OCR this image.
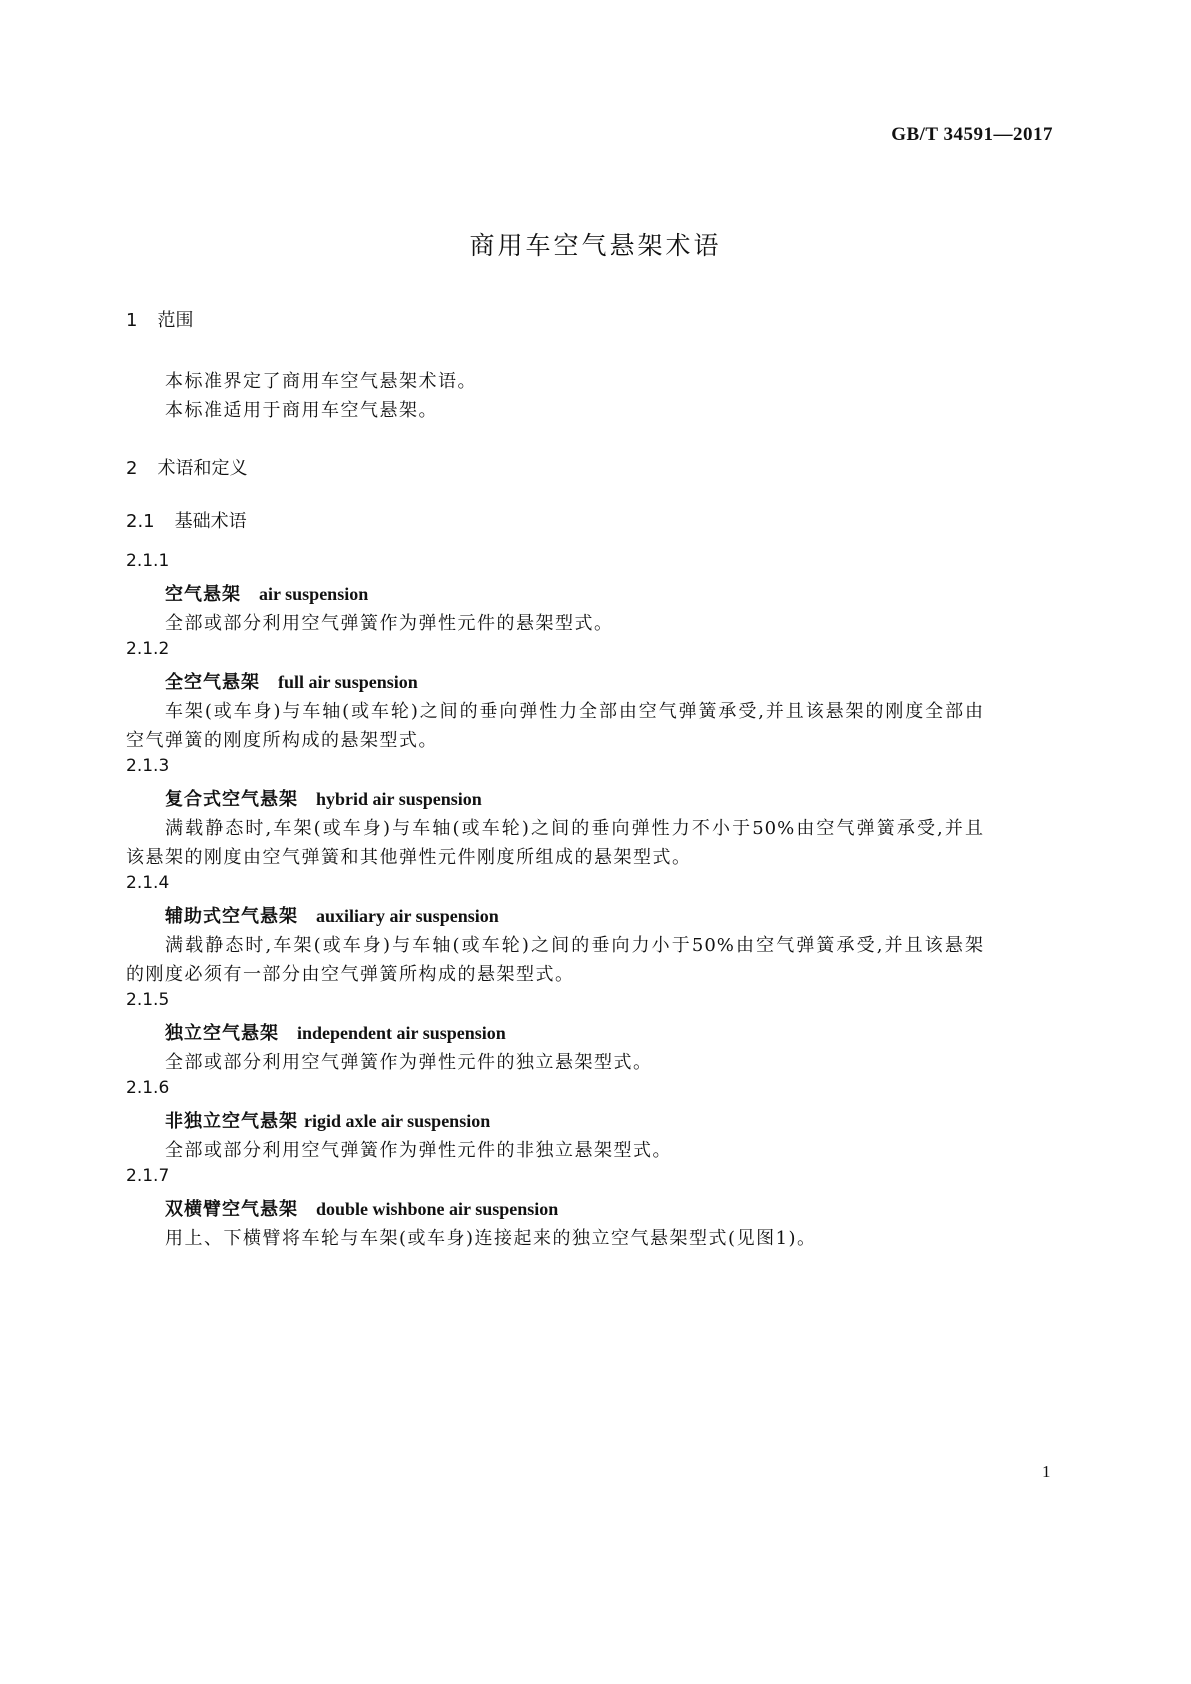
GB/T 34591—2017
商用车空气悬架术语
1 范围
本标准界定了商用车空气悬架术语。
本标准适用于商用车空气悬架。
2 术语和定义
2.1 基础术语
2.1.1
空气悬架 air suspension
全部或部分利用空气弹簧作为弹性元件的悬架型式。
2.1.2
全空气悬架 full air suspension
车架(或车身)与车轴(或车轮)之间的垂向弹性力全部由空气弹簧承受,并且该悬架的刚度全部由
空气弹簧的刚度所构成的悬架型式。
2.1.3
复合式空气悬架 hybrid air suspension
满载静态时,车架(或车身)与车轴(或车轮)之间的垂向弹性力不小于50%由空气弹簧承受,并且
该悬架的刚度由空气弹簧和其他弹性元件刚度所组成的悬架型式。
2.1.4
辅助式空气悬架 auxiliary air suspension
满载静态时,车架(或车身)与车轴(或车轮)之间的垂向力小于50%由空气弹簧承受,并且该悬架
的刚度必须有一部分由空气弹簧所构成的悬架型式。
2.1.5
独立空气悬架 independent air suspension
全部或部分利用空气弹簧作为弹性元件的独立悬架型式。
2.1.6
非独立空气悬架 rigid axle air suspension
全部或部分利用空气弹簧作为弹性元件的非独立悬架型式。
2.1.7
双横臂空气悬架 double wishbone air suspension
用上、下横臂将车轮与车架(或车身)连接起来的独立空气悬架型式(见图1)。
1
